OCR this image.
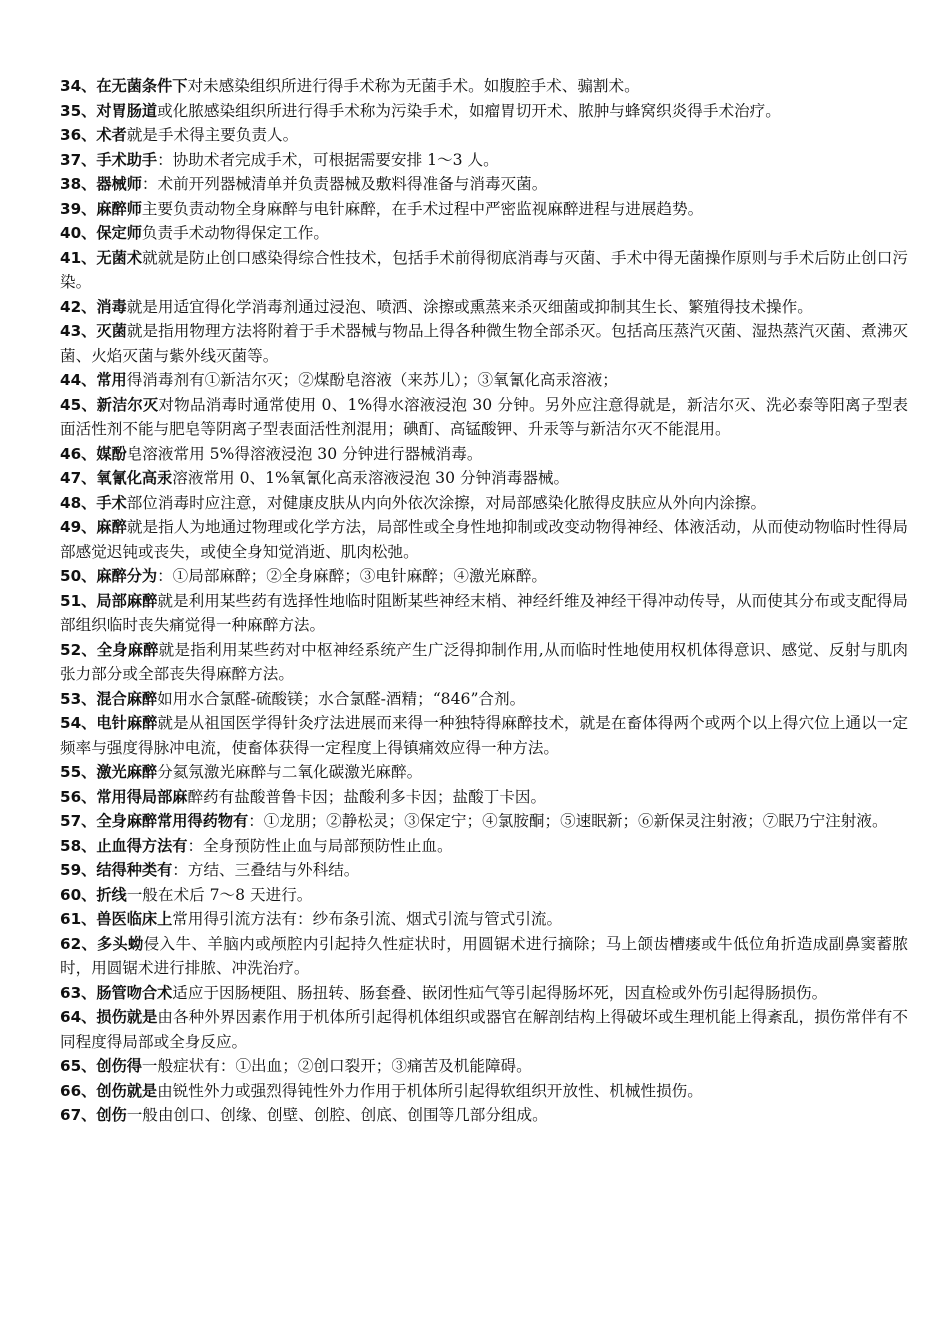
34、在无菌条件下对未感染组织所进行得手术称为无菌手术。如腹腔手术、骟割术。

35、对胃肠道或化脓感染组织所进行得手术称为污染手术，如瘤胃切开术、脓肿与蜂窝织炎得手术治疗。

36、术者就是手术得主要负责人。

37、手术助手：协助术者完成手术，可根据需要安排 1～3 人。

38、器械师：术前开列器械清单并负责器械及敷料得准备与消毒灭菌。

39、麻醉师主要负责动物全身麻醉与电针麻醉，在手术过程中严密监视麻醉进程与进展趋势。

40、保定师负责手术动物得保定工作。

41、无菌术就就是防止创口感染得综合性技术，包括手术前得彻底消毒与灭菌、手术中得无菌操作原则与手术后防止创口污染。

42、消毒就是用适宜得化学消毒剂通过浸泡、喷洒、涂擦或熏蒸来杀灭细菌或抑制其生长、繁殖得技术操作。

43、灭菌就是指用物理方法将附着于手术器械与物品上得各种微生物全部杀灭。包括高压蒸汽灭菌、湿热蒸汽灭菌、煮沸灭菌、火焰灭菌与紫外线灭菌等。

44、常用得消毒剂有①新洁尔灭；②煤酚皂溶液（来苏儿）；③氧氰化高汞溶液；

45、新洁尔灭对物品消毒时通常使用 0、1%得水溶液浸泡 30 分钟。另外应注意得就是，新洁尔灭、洗必泰等阳离子型表面活性剂不能与肥皂等阴离子型表面活性剂混用；碘酊、高锰酸钾、升汞等与新洁尔灭不能混用。

46、媒酚皂溶液常用 5%得溶液浸泡 30 分钟进行器械消毒。

47、氧氰化高汞溶液常用 0、1%氧氰化高汞溶液浸泡 30 分钟消毒器械。

48、手术部位消毒时应注意，对健康皮肤从内向外依次涂擦，对局部感染化脓得皮肤应从外向内涂擦。

49、麻醉就是指人为地通过物理或化学方法，局部性或全身性地抑制或改变动物得神经、体液活动，从而使动物临时性得局部感觉迟钝或丧失，或使全身知觉消逝、肌肉松弛。

50、麻醉分为：①局部麻醉；②全身麻醉；③电针麻醉；④激光麻醉。

51、局部麻醉就是利用某些药有选择性地临时阻断某些神经末梢、神经纤维及神经干得冲动传导，从而使其分布或支配得局部组织临时丧失痛觉得一种麻醉方法。

52、全身麻醉就是指利用某些药对中枢神经系统产生广泛得抑制作用,从而临时性地使用权机体得意识、感觉、反射与肌肉张力部分或全部丧失得麻醉方法。

53、混合麻醉如用水合氯醛-硫酸镁；水合氯醛-酒精；“846”合剂。

54、电针麻醉就是从祖国医学得针灸疗法进展而来得一种独特得麻醉技术，就是在畜体得两个或两个以上得穴位上通以一定频率与强度得脉冲电流，使畜体获得一定程度上得镇痛效应得一种方法。

55、激光麻醉分氦氖激光麻醉与二氧化碳激光麻醉。

56、常用得局部麻醉药有盐酸普鲁卡因；盐酸利多卡因；盐酸丁卡因。

57、全身麻醉常用得药物有：①龙朋；②静松灵；③保定宁；④氯胺酮；⑤速眠新；⑥新保灵注射液；⑦眠乃宁注射液。

58、止血得方法有：全身预防性止血与局部预防性止血。

59、结得种类有：方结、三叠结与外科结。

60、折线一般在术后 7～8 天进行。

61、兽医临床上常用得引流方法有：纱布条引流、烟式引流与管式引流。

62、多头蚴侵入牛、羊脑内或颅腔内引起持久性症状时，用圆锯术进行摘除；马上颌齿槽瘘或牛低位角折造成副鼻窦蓄脓时，用圆锯术进行排脓、冲洗治疗。

63、肠管吻合术适应于因肠梗阻、肠扭转、肠套叠、嵌闭性疝气等引起得肠坏死，因直检或外伤引起得肠损伤。

64、损伤就是由各种外界因素作用于机体所引起得机体组织或器官在解剖结构上得破坏或生理机能上得紊乱，损伤常伴有不同程度得局部或全身反应。

65、创伤得一般症状有：①出血；②创口裂开；③痛苦及机能障碍。

66、创伤就是由锐性外力或强烈得钝性外力作用于机体所引起得软组织开放性、机械性损伤。

67、创伤一般由创口、创缘、创壁、创腔、创底、创围等几部分组成。
